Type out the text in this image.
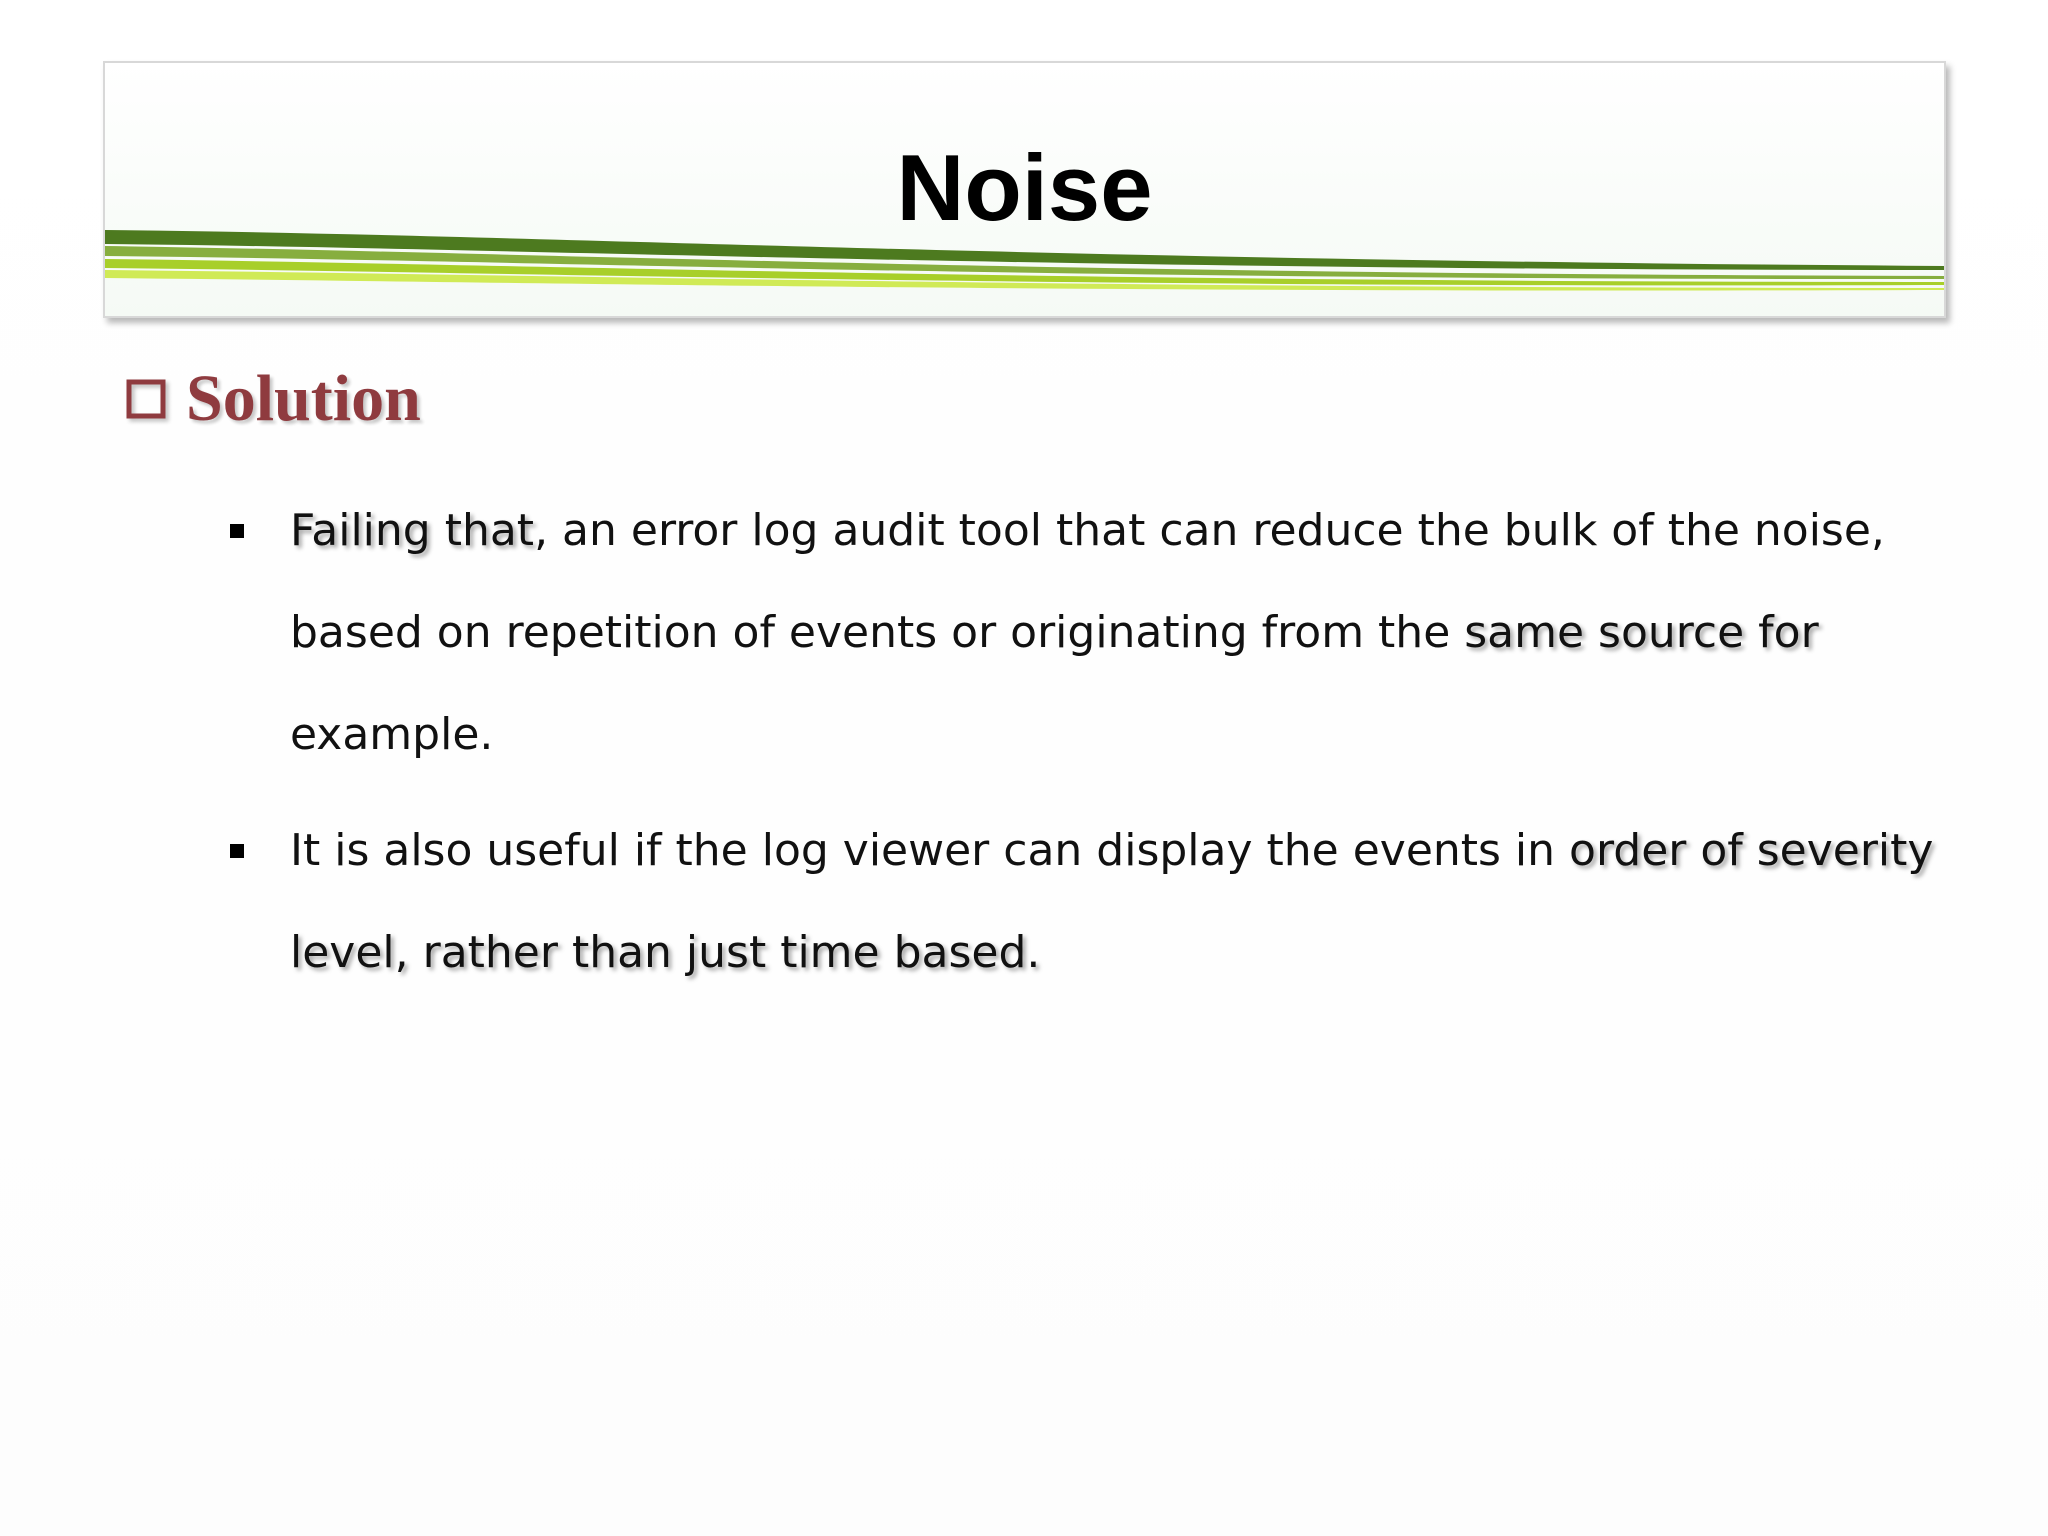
Noise
Solution
Failing that, an error log audit tool that can reduce the bulk of the noise, based on repetition of events or originating from the same source for example.
It is also useful if the log viewer can display the events in order of severity level, rather than just time based.
